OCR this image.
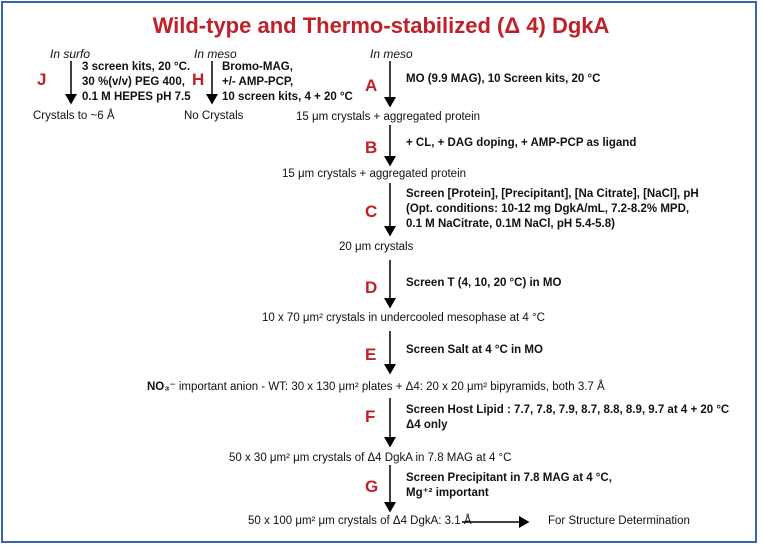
Wild-type and Thermo-stabilized (Δ 4) DgkA
In surfo
J
3 screen kits, 20 °C.
30 %(v/v) PEG 400,
0.1 M HEPES pH 7.5
Crystals to ~6 Å
In meso
H
Bromo-MAG,
+/- AMP-PCP,
10 screen kits, 4 + 20 °C
No Crystals
In meso
A MO (9.9 MAG), 10 Screen kits, 20 °C
15 μm crystals + aggregated protein
B + CL, + DAG doping, + AMP-PCP as ligand
15 μm crystals + aggregated protein
C
Screen [Protein], [Precipitant], [Na Citrate], [NaCl], pH
(Opt. conditions: 10-12 mg DgkA/mL, 7.2-8.2% MPD,
0.1 M NaCitrate, 0.1M NaCl, pH 5.4-5.8)
20 μm crystals
D Screen T (4, 10, 20 °C) in MO
10 x 70 μm² crystals in undercooled mesophase at 4 °C
E	Screen Salt at 4 °C in MO
NO₃⁻ important anion - WT: 30 x 130 μm² plates + Δ4: 20 x 20 μm² bipyramids, both 3.7 Å
F	Screen Host Lipid : 7.7, 7.8, 7.9, 8.7, 8.8, 8.9, 9.7 at 4 + 20 °C
Δ4 only
50 x 30 μm² μm crystals of Δ4 DgkA in 7.8 MAG at 4 °C
G Screen Precipitant in 7.8 MAG at 4 °C,
Mg⁺² important
50 x 100 μm² μm crystals of Δ4 DgkA: 3.1 Å	For Structure Determination
